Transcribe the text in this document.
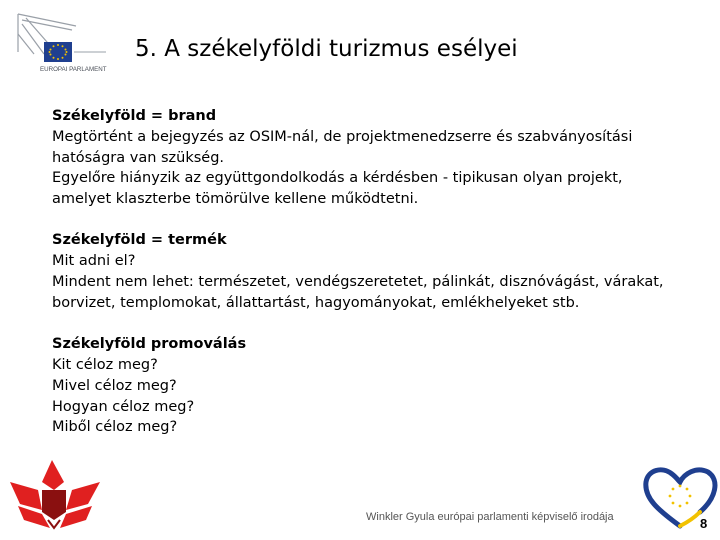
EUROPAI PARLAMENT
5. A székelyföldi turizmus esélyei

Székelyföld = brand

Megtörtént a bejegyzés az OSIM-nál, de projektmenedzserre és szabványosítási

hatóságra van szükség.

Egyelőre hiányzik az együttgondolkodás a kérdésben - tipikusan olyan projekt,

amelyet klaszterbe tömörülve kellene működtetni.

Székelyföld = termék

Mit adni el?

Mindent nem lehet: természetet, vendégszeretetet, pálinkát, disznóvágást, várakat,

borvizet, templomokat, állattartást, hagyományokat, emlékhelyeket stb.

Székelyföld promoválás

Kit céloz meg?

Mivel céloz meg?

Hogyan céloz meg?

Miből céloz meg?

Winkler Gyula európai parlamenti képviselő irodája	8
